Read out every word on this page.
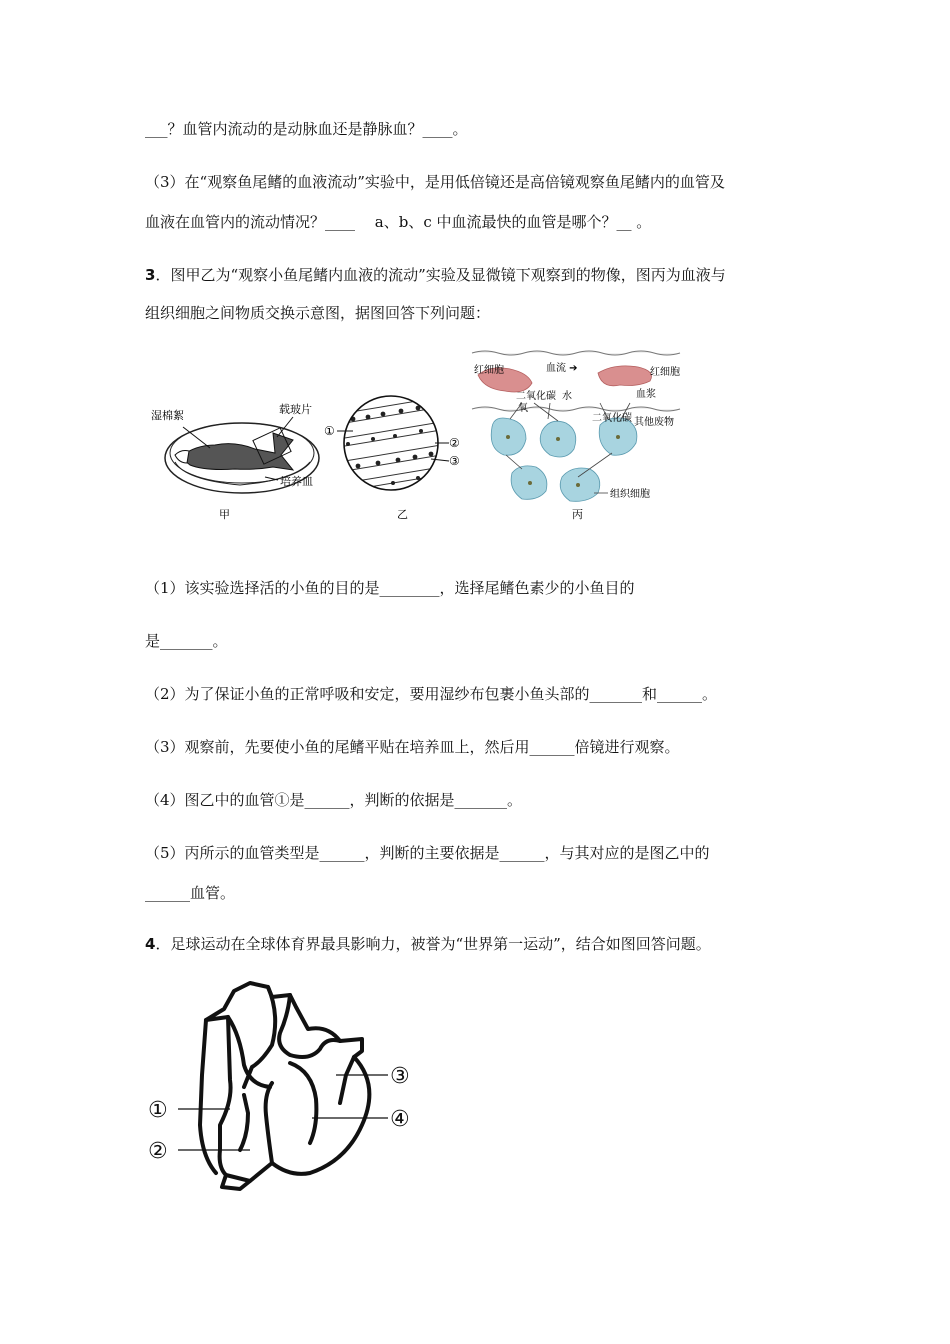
___？血管内流动的是动脉血还是静脉血？____。
（3）在“观察鱼尾鳍的血液流动”实验中，是用低倍镜还是高倍镜观察鱼尾鳍内的血管及
血液在血管内的流动情况？____　 a、b、c 中血流最快的血管是哪个？__ 。
3．图甲乙为“观察小鱼尾鳍内血液的流动”实验及显微镜下观察到的物像，图丙为血液与
组织细胞之间物质交换示意图，据图回答下列问题：
湿棉絮	载玻片
培养皿
甲
①
②
③
乙
红细胞	血流 ➔	红细胞
血浆
二氧化碳 水
氧
二氧化碳 其他废物
组织细胞
丙
（1）该实验选择活的小鱼的目的是________，选择尾鳍色素少的小鱼目的
是_______。
（2）为了保证小鱼的正常呼吸和安定，要用湿纱布包裹小鱼头部的_______和______。
（3）观察前，先要使小鱼的尾鳍平贴在培养皿上，然后用______倍镜进行观察。
（4）图乙中的血管①是______，判断的依据是_______。
（5）丙所示的血管类型是______，判断的主要依据是______，与其对应的是图乙中的
______血管。
4．足球运动在全球体育界最具影响力，被誉为“世界第一运动”，结合如图回答问题。
①
②
③
④
